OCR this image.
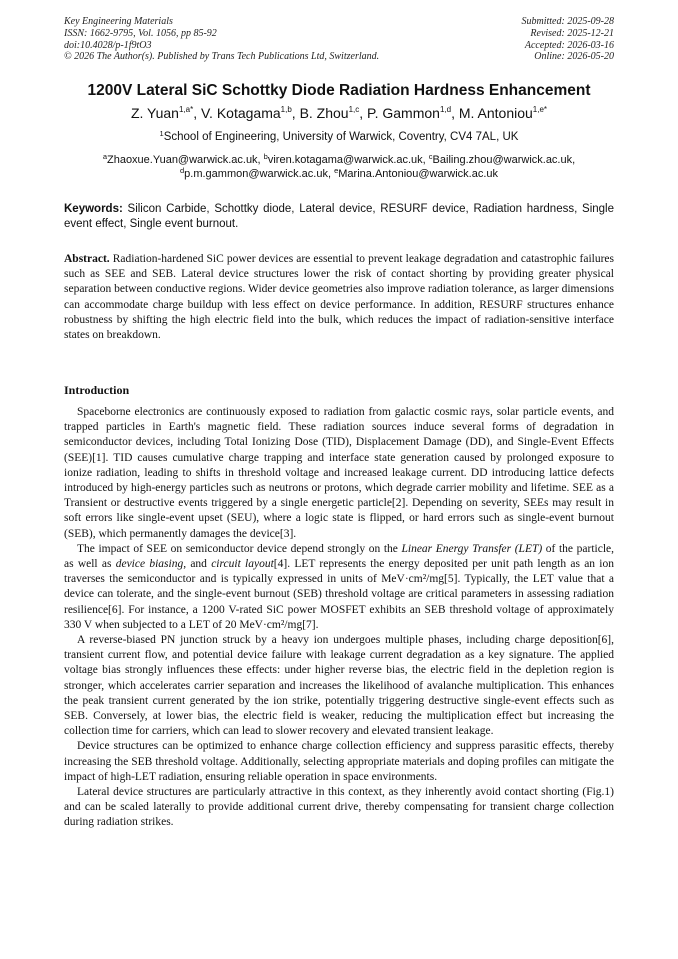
Key Engineering Materials
ISSN: 1662-9795, Vol. 1056, pp 85-92
doi:10.4028/p-1f9tO3
© 2026 The Author(s). Published by Trans Tech Publications Ltd, Switzerland.
Submitted: 2025-09-28
Revised: 2025-12-21
Accepted: 2026-03-16
Online: 2026-05-20
1200V Lateral SiC Schottky Diode Radiation Hardness Enhancement
Z. Yuan$^{1,a*}$, V. Kotagama$^{1,b}$, B. Zhou$^{1,c}$, P. Gammon$^{1,d}$, M. Antoniou$^{1,e*}$
$^1$School of Engineering, University of Warwick, Coventry, CV4 7AL, UK
$^a$Zhaoxue.Yuan@warwick.ac.uk, $^b$viren.kotagama@warwick.ac.uk, $^c$Bailing.zhou@warwick.ac.uk,
$^d$p.m.gammon@warwick.ac.uk, $^e$Marina.Antoniou@warwick.ac.uk
Keywords: Silicon Carbide, Schottky diode, Lateral device, RESURF device, Radiation hardness, Single event effect, Single event burnout.
Abstract. Radiation-hardened SiC power devices are essential to prevent leakage degradation and catastrophic failures such as SEE and SEB. Lateral device structures lower the risk of contact shorting by providing greater physical separation between conductive regions. Wider device geometries also improve radiation tolerance, as larger dimensions can accommodate charge buildup with less effect on device performance. In addition, RESURF structures enhance robustness by shifting the high electric field into the bulk, which reduces the impact of radiation-sensitive interface states on breakdown.
Introduction

Spaceborne electronics are continuously exposed to radiation from galactic cosmic rays, solar particle events, and trapped particles in Earth's magnetic field. These radiation sources induce several forms of degradation in semiconductor devices, including Total Ionizing Dose (TID), Displacement Damage (DD), and Single-Event Effects (SEE)[1]. TID causes cumulative charge trapping and interface state generation caused by prolonged exposure to ionize radiation, leading to shifts in threshold voltage and increased leakage current. DD introducing lattice defects introduced by high-energy particles such as neutrons or protons, which degrade carrier mobility and lifetime. SEE as a Transient or destructive events triggered by a single energetic particle[2]. Depending on severity, SEEs may result in soft errors like single-event upset (SEU), where a logic state is flipped, or hard errors such as single-event burnout (SEB), which permanently damages the device[3].

The impact of SEE on semiconductor device depend strongly on the Linear Energy Transfer (LET) of the particle, as well as device biasing, and circuit layout[4]. LET represents the energy deposited per unit path length as an ion traverses the semiconductor and is typically expressed in units of MeV·cm²/mg[5]. Typically, the LET value that a device can tolerate, and the single-event burnout (SEB) threshold voltage are critical parameters in assessing radiation resilience[6]. For instance, a 1200 V-rated SiC power MOSFET exhibits an SEB threshold voltage of approximately 330 V when subjected to a LET of 20 MeV·cm²/mg[7].

A reverse-biased PN junction struck by a heavy ion undergoes multiple phases, including charge deposition[6], transient current flow, and potential device failure with leakage current degradation as a key signature. The applied voltage bias strongly influences these effects: under higher reverse bias, the electric field in the depletion region is stronger, which accelerates carrier separation and increases the likelihood of avalanche multiplication. This enhances the peak transient current generated by the ion strike, potentially triggering destructive single-event effects such as SEB. Conversely, at lower bias, the electric field is weaker, reducing the multiplication effect but increasing the collection time for carriers, which can lead to slower recovery and elevated transient leakage.

Device structures can be optimized to enhance charge collection efficiency and suppress parasitic effects, thereby increasing the SEB threshold voltage. Additionally, selecting appropriate materials and doping profiles can mitigate the impact of high-LET radiation, ensuring reliable operation in space environments.

Lateral device structures are particularly attractive in this context, as they inherently avoid contact shorting (Fig.1) and can be scaled laterally to provide additional current drive, thereby compensating for transient charge collection during radiation strikes.
